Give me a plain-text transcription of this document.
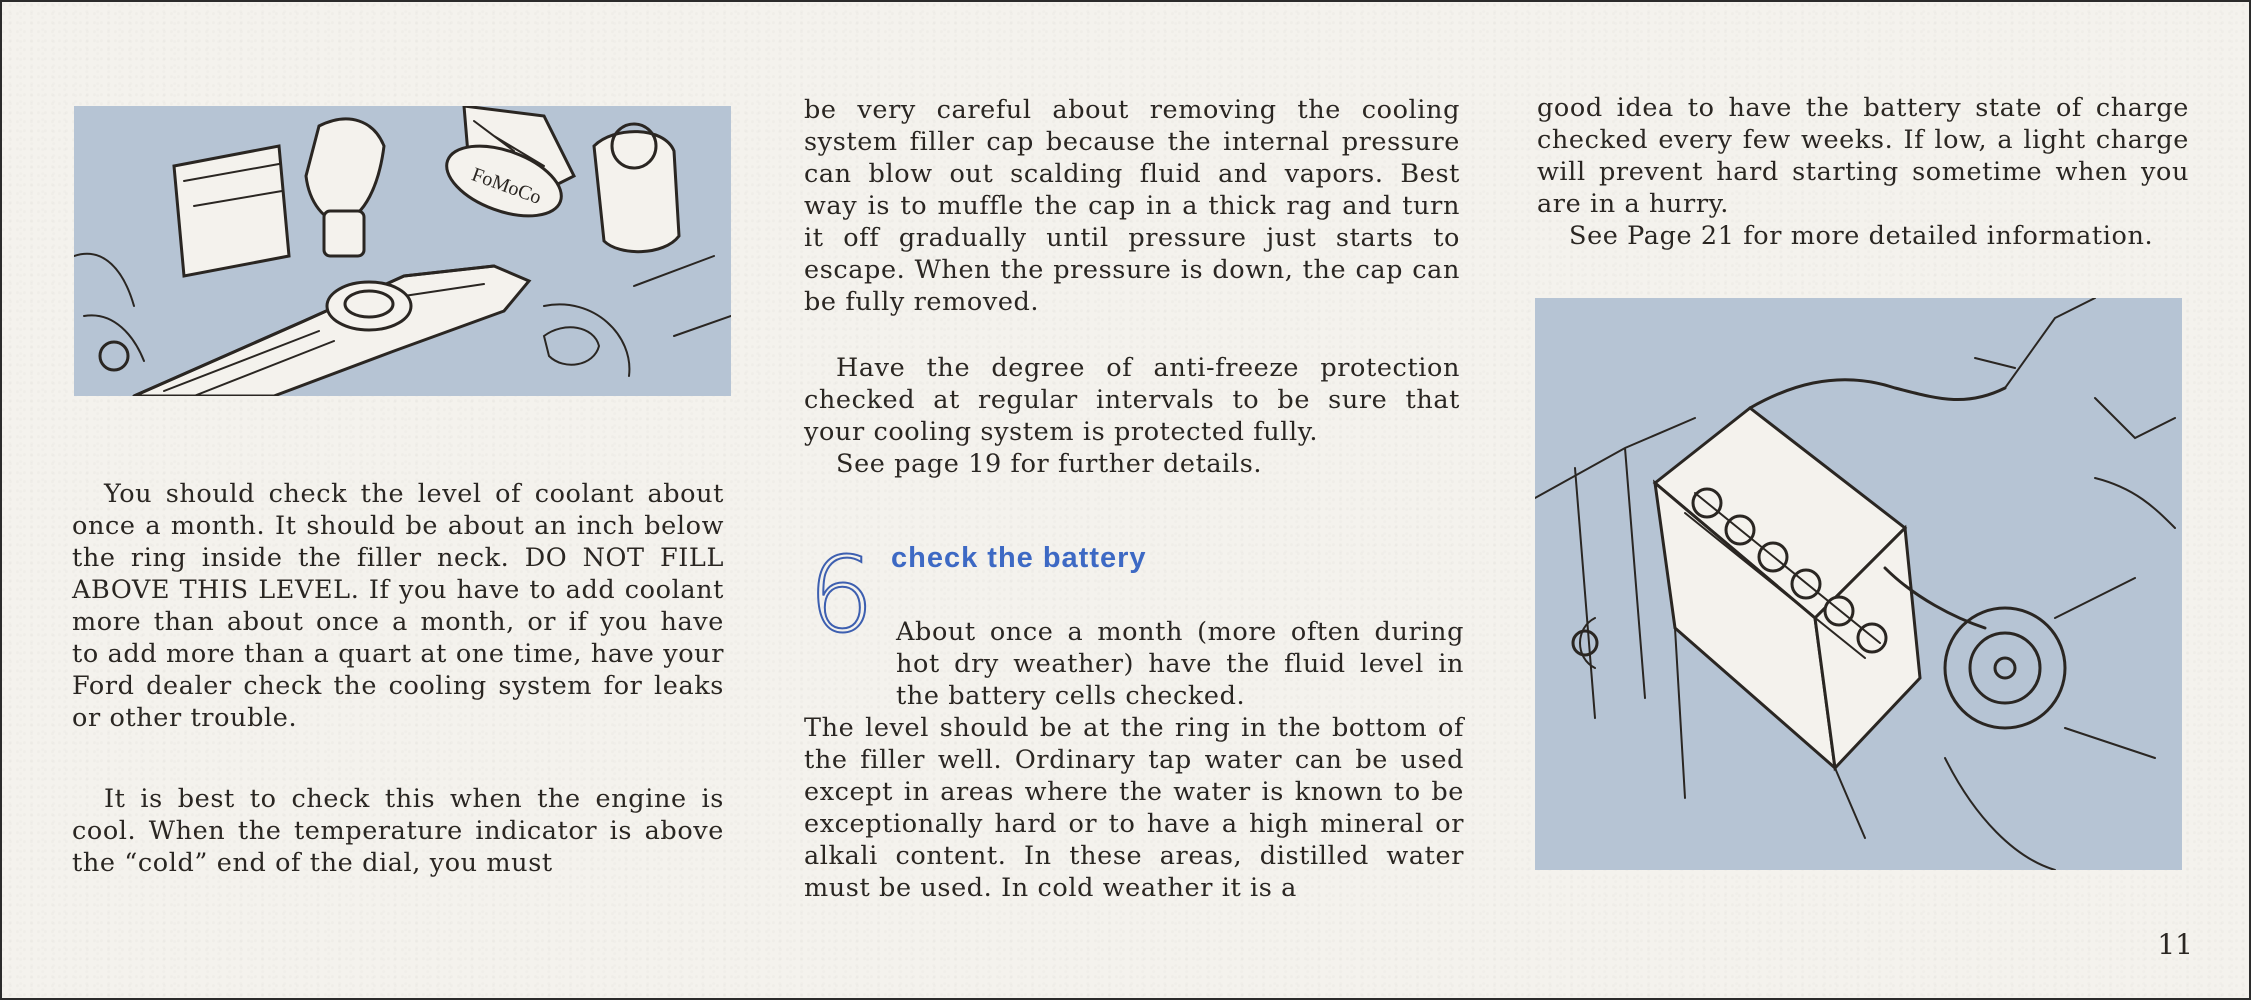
FoMoCo

You should check the level of coolant about once a month. It should be about an inch below the ring inside the filler neck. DO NOT FILL ABOVE THIS LEVEL. If you have to add coolant more than about once a month, or if you have to add more than a quart at one time, have your Ford dealer check the cooling system for leaks or other trouble.

It is best to check this when the engine is cool. When the temperature indicator is above the “cold” end of the dial, you must

be very careful about removing the cooling system filler cap because the internal pressure can blow out scalding fluid and vapors. Best way is to muffle the cap in a thick rag and turn it off gradually until pressure just starts to escape. When the pressure is down, the cap can be fully removed.

Have the degree of anti-freeze protection checked at regular intervals to be sure that your cooling system is protected fully.

See page 19 for further details.

6 check the battery

About once a month (more often during hot dry weather) have the fluid level in the battery cells checked.

The level should be at the ring in the bottom of the filler well. Ordinary tap water can be used except in areas where the water is known to be exceptionally hard or to have a high mineral or alkali content. In these areas, distilled water must be used. In cold weather it is a

good idea to have the battery state of charge checked every few weeks. If low, a light charge will prevent hard starting sometime when you are in a hurry.

See Page 21 for more detailed information.

11
